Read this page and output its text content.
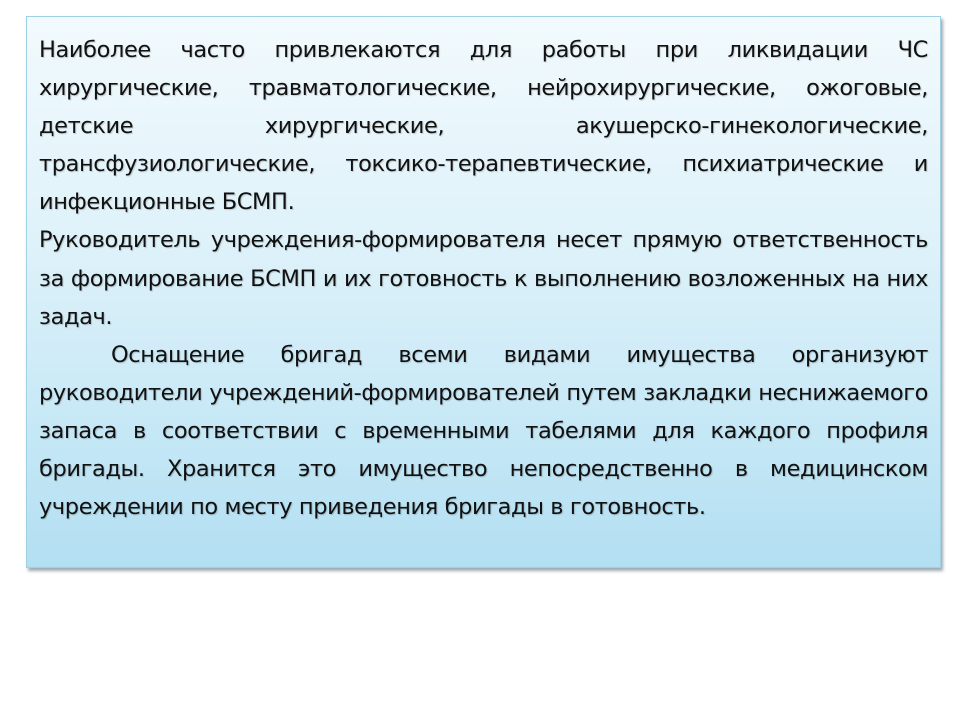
Наиболее часто привлекаются для работы при ликвидации ЧС хирургические, травматологические, нейрохирургические, ожоговые, детские хирургические, акушерско-гинекологические, трансфузиологические, токсико-терапевтические, психиатрические и инфекционные БСМП.

Руководитель учреждения-формирователя несет прямую ответственность за формирование БСМП и их готовность к выполнению возложенных на них задач.

Оснащение бригад всеми видами имущества организуют руководители учреждений-формирователей путем закладки неснижаемого запаса в соответствии с временными табелями для каждого профиля бригады. Хранится это имущество непосредственно в медицинском учреждении по месту приведения бригады в готовность.
